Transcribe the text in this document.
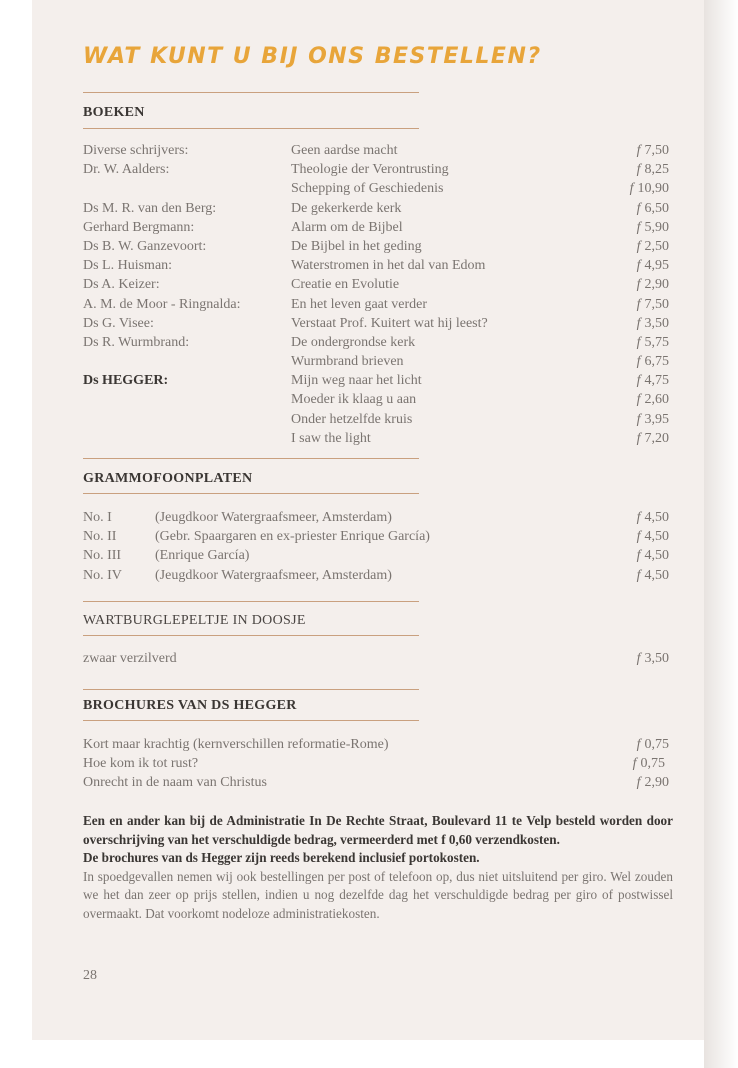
WAT KUNT U BIJ ONS BESTELLEN?
BOEKEN
Diverse schrijvers:	Geen aardse macht	f 7,50
Dr. W. Aalders:	Theologie der Verontrusting	f 8,25
Schepping of Geschiedenis	f 10,90
Ds M. R. van den Berg:	De gekerkerde kerk	f 6,50
Gerhard Bergmann:	Alarm om de Bijbel	f 5,90
Ds B. W. Ganzevoort:	De Bijbel in het geding	f 2,50
Ds L. Huisman:	Waterstromen in het dal van Edom	f 4,95
Ds A. Keizer:	Creatie en Evolutie	f 2,90
A. M. de Moor - Ringnalda:	En het leven gaat verder	f 7,50
Ds G. Visee:	Verstaat Prof. Kuitert wat hij leest?	f 3,50
Ds R. Wurmbrand:	De ondergrondse kerk	f 5,75
Wurmbrand brieven	f 6,75
Ds HEGGER:	Mijn weg naar het licht	f 4,75
Moeder ik klaag u aan	f 2,60
Onder hetzelfde kruis	f 3,95
I saw the light	f 7,20
GRAMMOFOONPLATEN
No. I	(Jeugdkoor Watergraafsmeer, Amsterdam)	f 4,50
No. II	(Gebr. Spaargaren en ex-priester Enrique García)	f 4,50
No. III (Enrique García)	f 4,50
No. IV (Jeugdkoor Watergraafsmeer, Amsterdam)	f 4,50
WARTBURGLEPELTJE IN DOOSJE
zwaar verzilverd	f 3,50
BROCHURES VAN DS HEGGER
Kort maar krachtig (kernverschillen reformatie-Rome)	f 0,75
Hoe kom ik tot rust?	f 0,75
Onrecht in de naam van Christus	f 2,90

Een en ander kan bij de Administratie In De Rechte Straat, Boulevard 11 te Velp besteld worden door overschrijving van het verschuldigde bedrag, vermeerderd met f 0,60 verzendkosten.

De brochures van ds Hegger zijn reeds berekend inclusief portokosten.

In spoedgevallen nemen wij ook bestellingen per post of telefoon op, dus niet uitsluitend per giro. Wel zouden we het dan zeer op prijs stellen, indien u nog dezelfde dag het verschuldigde bedrag per giro of postwissel overmaakt. Dat voorkomt nodeloze administratiekosten.

28
